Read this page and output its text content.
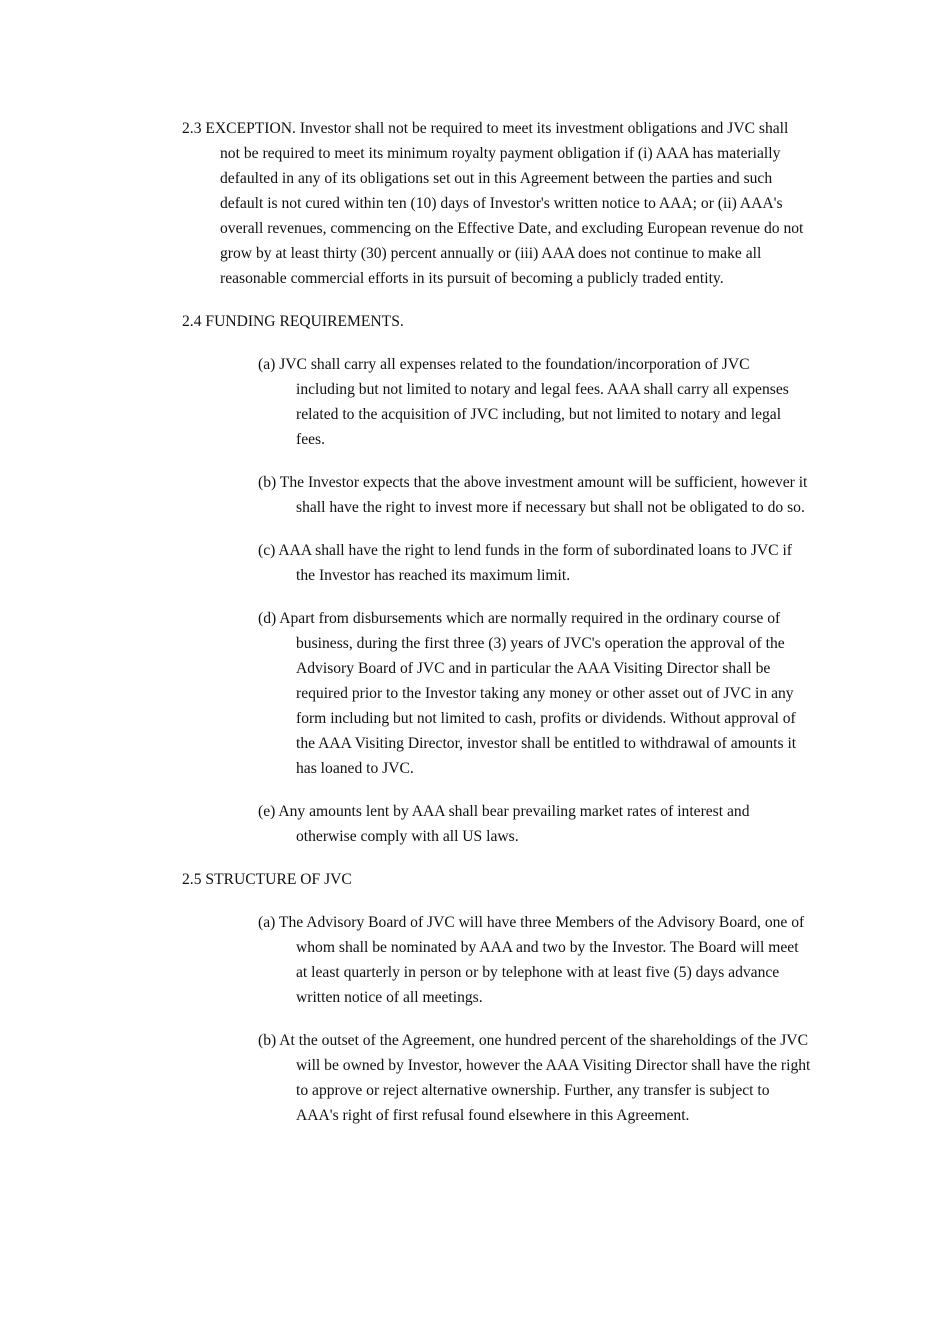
2.3 EXCEPTION. Investor shall not be required to meet its investment obligations and JVC shall not be required to meet its minimum royalty payment obligation if (i) AAA has materially defaulted in any of its obligations set out in this Agreement between the parties and such default is not cured within ten (10) days of Investor's written notice to AAA; or (ii) AAA's overall revenues, commencing on the Effective Date, and excluding European revenue do not grow by at least thirty (30) percent annually or (iii) AAA does not continue to make all reasonable commercial efforts in its pursuit of becoming a publicly traded entity.

2.4 FUNDING REQUIREMENTS.

(a) JVC shall carry all expenses related to the foundation/incorporation of JVC including but not limited to notary and legal fees. AAA shall carry all expenses related to the acquisition of JVC including, but not limited to notary and legal fees.

(b) The Investor expects that the above investment amount will be sufficient, however it shall have the right to invest more if necessary but shall not be obligated to do so.

(c) AAA shall have the right to lend funds in the form of subordinated loans to JVC if the Investor has reached its maximum limit.

(d) Apart from disbursements which are normally required in the ordinary course of business, during the first three (3) years of JVC's operation the approval of the Advisory Board of JVC and in particular the AAA Visiting Director shall be required prior to the Investor taking any money or other asset out of JVC in any form including but not limited to cash, profits or dividends. Without approval of the AAA Visiting Director, investor shall be entitled to withdrawal of amounts it has loaned to JVC.

(e) Any amounts lent by AAA shall bear prevailing market rates of interest and otherwise comply with all US laws.

2.5 STRUCTURE OF JVC

(a) The Advisory Board of JVC will have three Members of the Advisory Board, one of whom shall be nominated by AAA and two by the Investor. The Board will meet at least quarterly in person or by telephone with at least five (5) days advance written notice of all meetings.

(b) At the outset of the Agreement, one hundred percent of the shareholdings of the JVC will be owned by Investor, however the AAA Visiting Director shall have the right to approve or reject alternative ownership. Further, any transfer is subject to AAA's right of first refusal found elsewhere in this Agreement.
